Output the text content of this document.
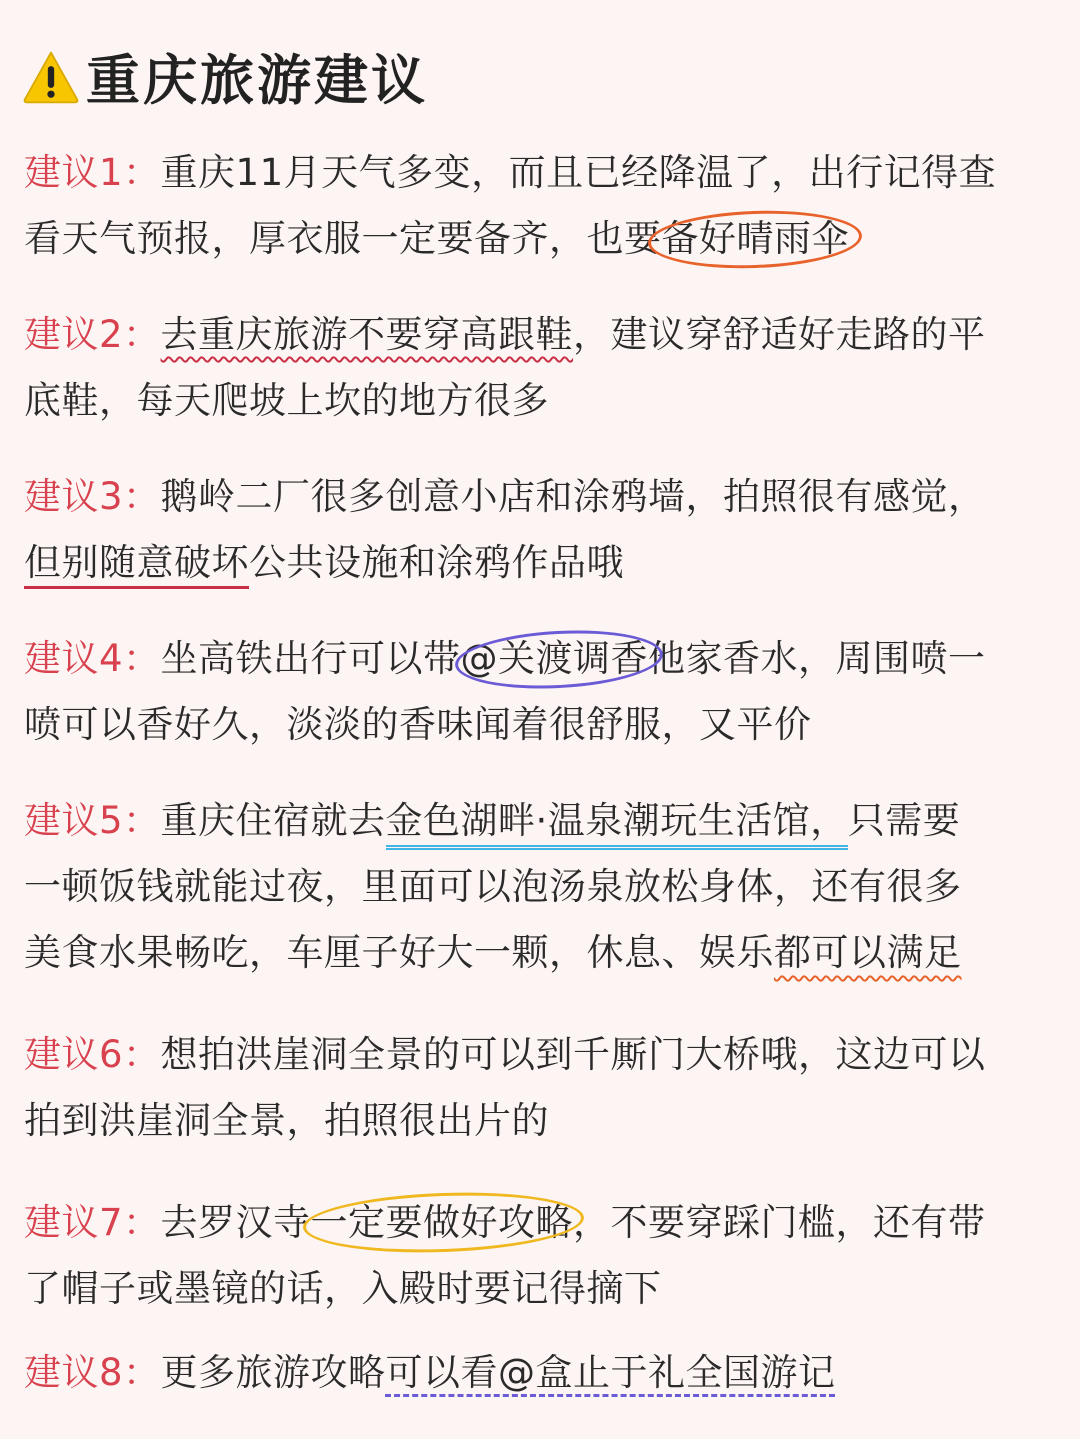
重庆旅游建议
建议1：重庆11月天气多变，而且已经降温了，出行记得查
看天气预报，厚衣服一定要备齐，也要备好晴雨伞
建议2：去重庆旅游不要穿高跟鞋，建议穿舒适好走路的平
底鞋，每天爬坡上坎的地方很多
建议3：鹅岭二厂很多创意小店和涂鸦墙，拍照很有感觉，
但别随意破坏公共设施和涂鸦作品哦
建议4：坐高铁出行可以带@关渡调香他家香水，周围喷一
喷可以香好久，淡淡的香味闻着很舒服，又平价
建议5：重庆住宿就去金色湖畔·温泉潮玩生活馆，只需要
一顿饭钱就能过夜，里面可以泡汤泉放松身体，还有很多
美食水果畅吃，车厘子好大一颗，休息、娱乐都可以满足
建议6：想拍洪崖洞全景的可以到千厮门大桥哦，这边可以
拍到洪崖洞全景，拍照很出片的
建议7：去罗汉寺一定要做好攻略，不要穿踩门槛，还有带
了帽子或墨镜的话，入殿时要记得摘下
建议8：更多旅游攻略可以看@盒止于礼全国游记
